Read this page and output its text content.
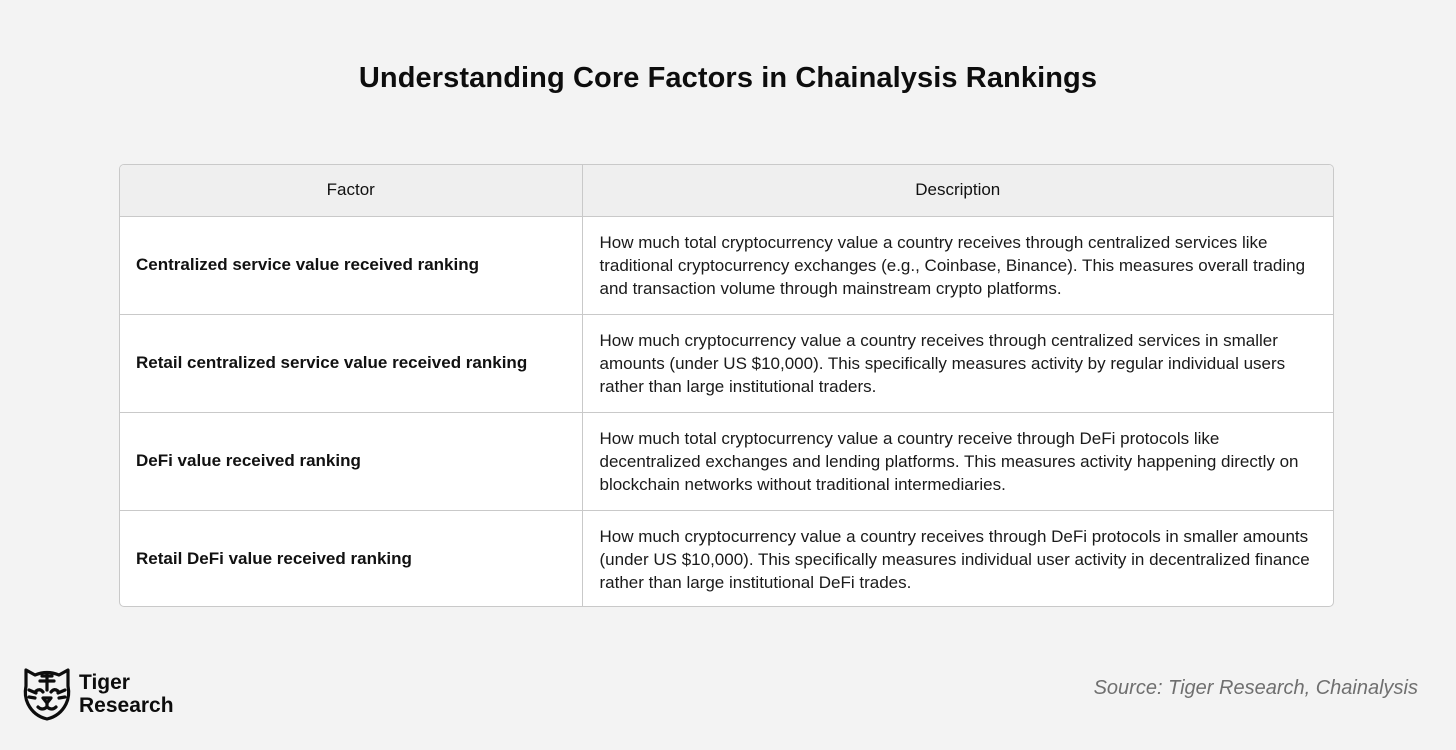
Understanding Core Factors in Chainalysis Rankings
Factor	Description
Centralized service value received ranking	How much total cryptocurrency value a country receives through centralized services like traditional cryptocurrency exchanges (e.g., Coinbase, Binance). This measures overall trading and transaction volume through mainstream crypto platforms.
Retail centralized service value received ranking	How much cryptocurrency value a country receives through centralized services in smaller amounts (under US $10,000). This specifically measures activity by regular individual users rather than large institutional traders.
DeFi value received ranking	How much total cryptocurrency value a country receive through DeFi protocols like decentralized exchanges and lending platforms. This measures activity happening directly on blockchain networks without traditional intermediaries.
Retail DeFi value received ranking	How much cryptocurrency value a country receives through DeFi protocols in smaller amounts (under US $10,000). This specifically measures individual user activity in decentralized finance rather than large institutional DeFi trades.
Tiger
Research
Source: Tiger Research, Chainalysis
